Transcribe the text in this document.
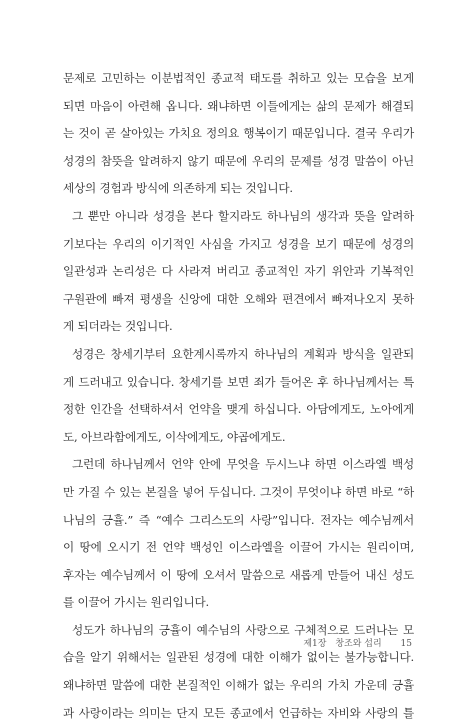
문제로 고민하는 이분법적인 종교적 태도를 취하고 있는 모습을 보게
되면 마음이 아련해 옵니다. 왜냐하면 이들에게는 삶의 문제가 해결되
는 것이 곧 살아있는 가치요 정의요 행복이기 때문입니다. 결국 우리가
성경의 참뜻을 알려하지 않기 때문에 우리의 문제를 성경 말씀이 아닌
세상의 경험과 방식에 의존하게 되는 것입니다.
그 뿐만 아니라 성경을 본다 할지라도 하나님의 생각과 뜻을 알려하
기보다는 우리의 이기적인 사심을 가지고 성경을 보기 때문에 성경의
일관성과 논리성은 다 사라져 버리고 종교적인 자기 위안과 기복적인
구원관에 빠져 평생을 신앙에 대한 오해와 편견에서 빠져나오지 못하
게 되더라는 것입니다.
성경은 창세기부터 요한계시록까지 하나님의 계획과 방식을 일관되
게 드러내고 있습니다. 창세기를 보면 죄가 들어온 후 하나님께서는 특
정한 인간을 선택하셔서 언약을 맺게 하십니다. 아담에게도, 노아에게
도, 아브라함에게도, 이삭에게도, 야곱에게도.
그런데 하나님께서 언약 안에 무엇을 두시느냐 하면 이스라엘 백성
만 가질 수 있는 본질을 넣어 두십니다. 그것이 무엇이냐 하면 바로 “하
나님의 긍휼.” 즉 “예수 그리스도의 사랑”입니다. 전자는 예수님께서
이 땅에 오시기 전 언약 백성인 이스라엘을 이끌어 가시는 원리이며,
후자는 예수님께서 이 땅에 오셔서 말씀으로 새롭게 만들어 내신 성도
를 이끌어 가시는 원리입니다.
성도가 하나님의 긍휼이 예수님의 사랑으로 구체적으로 드러나는 모
습을 알기 위해서는 일관된 성경에 대한 이해가 없이는 불가능합니다.
왜냐하면 말씀에 대한 본질적인 이해가 없는 우리의 가치 가운데 긍휼
과 사랑이라는 의미는 단지 모든 종교에서 언급하는 자비와 사랑의 틀
제1장 창조와 섭리 15
